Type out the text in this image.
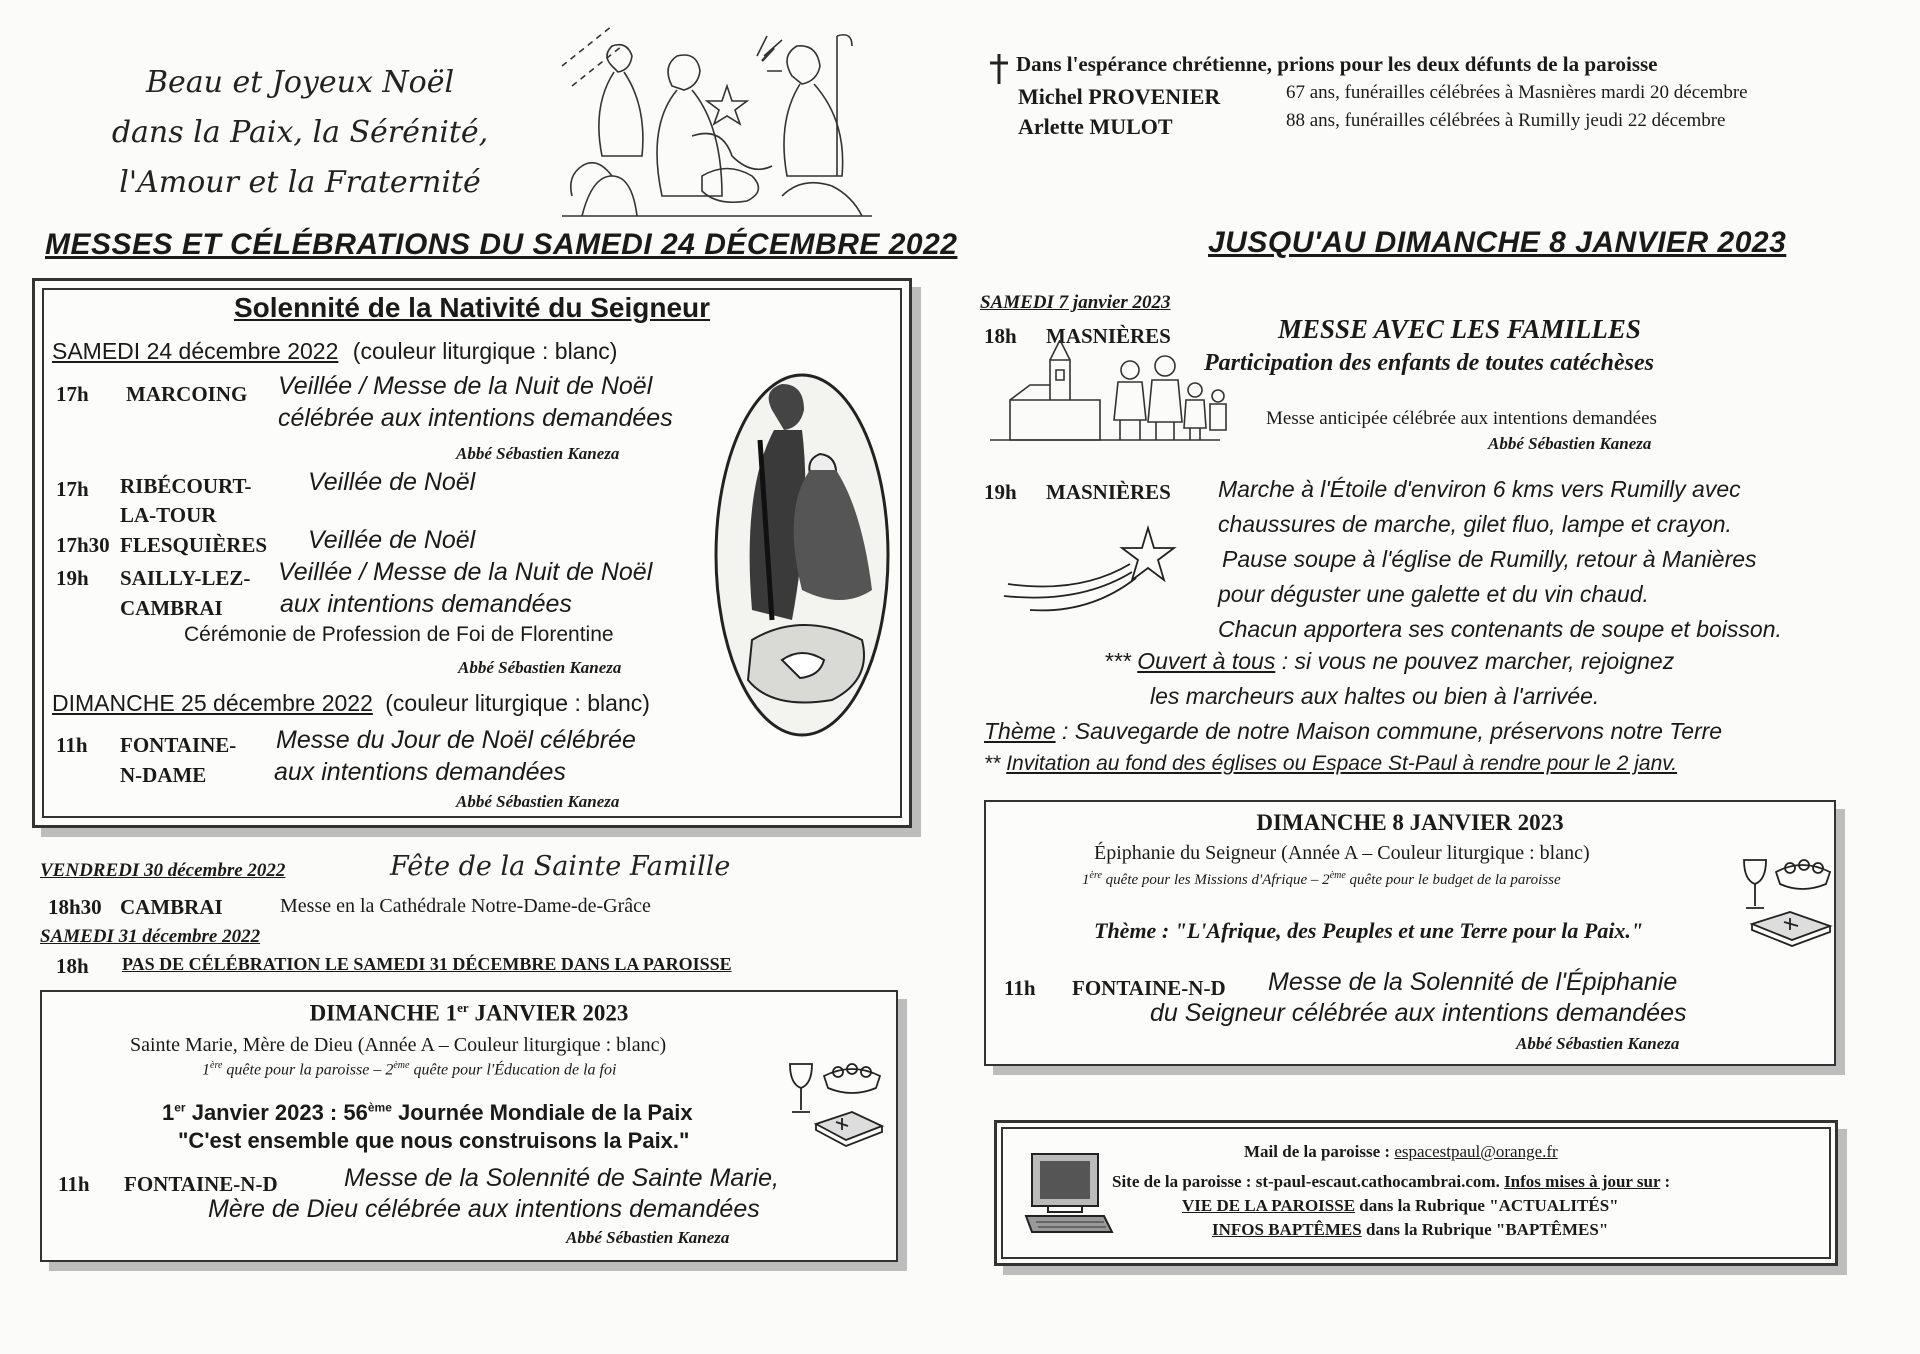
Beau et Joyeux Noël
dans la Paix, la Sérénité,
l'Amour et la Fraternité
MESSES ET CÉLÉBRATIONS DU SAMEDI 24 DÉCEMBRE 2022
Solennité de la Nativité du Seigneur
SAMEDI 24 décembre 2022 (couleur liturgique : blanc)
17h MARCOING Veillée / Messe de la Nuit de Noël
célébrée aux intentions demandées
Abbé Sébastien Kaneza
17h RIBÉCOURT-
LA-TOUR
Veillée de Noël
17h30 FLESQUIÈRES Veillée de Noël
19h SAILLY-LEZ-
CAMBRAI
Veillée / Messe de la Nuit de Noël
aux intentions demandées
Cérémonie de Profession de Foi de Florentine
Abbé Sébastien Kaneza
DIMANCHE 25 décembre 2022 (couleur liturgique : blanc)
11h FONTAINE-
N-DAME
Messe du Jour de Noël célébrée
aux intentions demandées
Abbé Sébastien Kaneza
VENDREDI 30 décembre 2022	Fête de la Sainte Famille
18h30 CAMBRAI	Messe en la Cathédrale Notre-Dame-de-Grâce
SAMEDI 31 décembre 2022
18h PAS DE CÉLÉBRATION LE SAMEDI 31 DÉCEMBRE DANS LA PAROISSE
DIMANCHE 1er JANVIER 2023
Sainte Marie, Mère de Dieu (Année A – Couleur liturgique : blanc)
1ère quête pour la paroisse – 2ème quête pour l'Éducation de la foi
1er Janvier 2023 : 56ème Journée Mondiale de la Paix
"C'est ensemble que nous construisons la Paix."
11h FONTAINE-N-D	Messe de la Solennité de Sainte Marie,
Mère de Dieu célébrée aux intentions demandées
Abbé Sébastien Kaneza
Dans l'espérance chrétienne, prions pour les deux défunts de la paroisse
Michel PROVENIER	67 ans, funérailles célébrées à Masnières mardi 20 décembre
Arlette MULOT	88 ans, funérailles célébrées à Rumilly jeudi 22 décembre
JUSQU'AU DIMANCHE 8 JANVIER 2023
SAMEDI 7 janvier 2023
18h MASNIÈRES	MESSE AVEC LES FAMILLES
Participation des enfants de toutes catéchèses
Messe anticipée célébrée aux intentions demandées
Abbé Sébastien Kaneza
19h MASNIÈRES Marche à l'Étoile d'environ 6 kms vers Rumilly avec
chaussures de marche, gilet fluo, lampe et crayon.
Pause soupe à l'église de Rumilly, retour à Manières
pour déguster une galette et du vin chaud.
Chacun apportera ses contenants de soupe et boisson.
*** Ouvert à tous : si vous ne pouvez marcher, rejoignez
les marcheurs aux haltes ou bien à l'arrivée.
Thème : Sauvegarde de notre Maison commune, préservons notre Terre
** Invitation au fond des églises ou Espace St-Paul à rendre pour le 2 janv.
DIMANCHE 8 JANVIER 2023
Épiphanie du Seigneur (Année A – Couleur liturgique : blanc)
1ère quête pour les Missions d'Afrique – 2ème quête pour le budget de la paroisse
Thème : "L'Afrique, des Peuples et une Terre pour la Paix."
11h FONTAINE-N-D Messe de la Solennité de l'Épiphanie
du Seigneur célébrée aux intentions demandées
Abbé Sébastien Kaneza
Mail de la paroisse : espacestpaul@orange.fr
Site de la paroisse : st-paul-escaut.cathocambrai.com. Infos mises à jour sur :
VIE DE LA PAROISSE dans la Rubrique "ACTUALITÉS"
INFOS BAPTÊMES dans la Rubrique "BAPTÊMES"
